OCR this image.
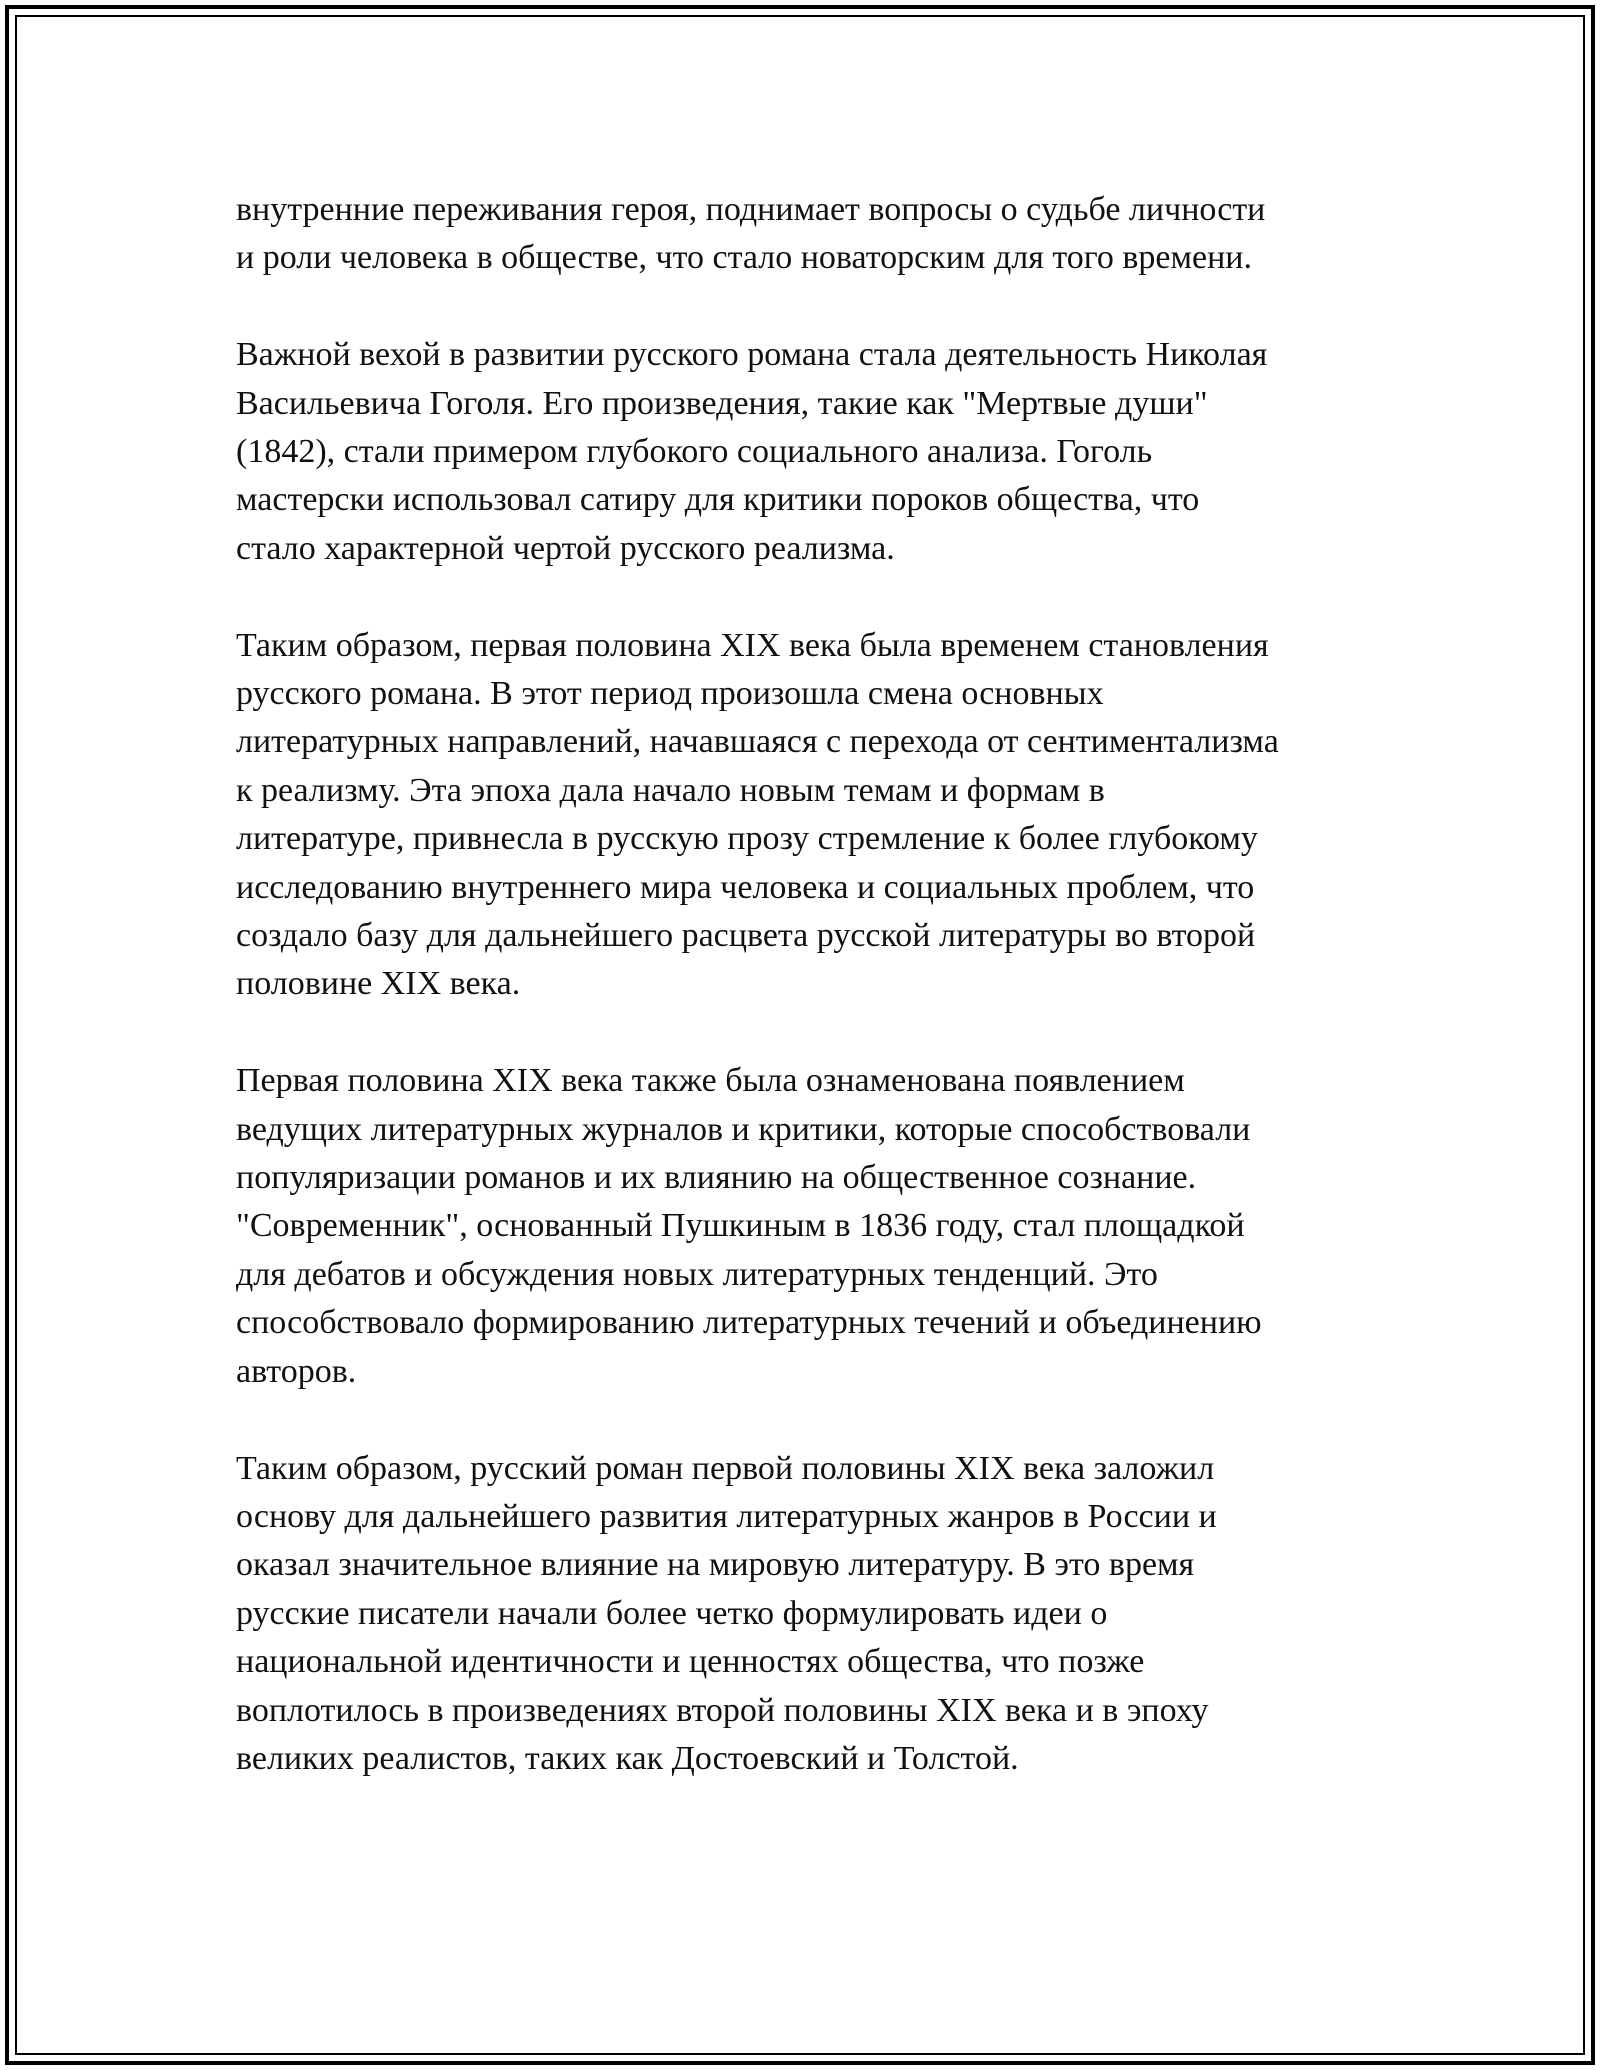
внутренние переживания героя, поднимает вопросы о судьбе личности
и роли человека в обществе, что стало новаторским для того времени.

Важной вехой в развитии русского романа стала деятельность Николая
Васильевича Гоголя. Его произведения, такие как "Мертвые души"
(1842), стали примером глубокого социального анализа. Гоголь
мастерски использовал сатиру для критики пороков общества, что
стало характерной чертой русского реализма.

Таким образом, первая половина XIX века была временем становления
русского романа. В этот период произошла смена основных
литературных направлений, начавшаяся с перехода от сентиментализма
к реализму. Эта эпоха дала начало новым темам и формам в
литературе, привнесла в русскую прозу стремление к более глубокому
исследованию внутреннего мира человека и социальных проблем, что
создало базу для дальнейшего расцвета русской литературы во второй
половине XIX века.

Первая половина XIX века также была ознаменована появлением
ведущих литературных журналов и критики, которые способствовали
популяризации романов и их влиянию на общественное сознание.
"Современник", основанный Пушкиным в 1836 году, стал площадкой
для дебатов и обсуждения новых литературных тенденций. Это
способствовало формированию литературных течений и объединению
авторов.

Таким образом, русский роман первой половины XIX века заложил
основу для дальнейшего развития литературных жанров в России и
оказал значительное влияние на мировую литературу. В это время
русские писатели начали более четко формулировать идеи о
национальной идентичности и ценностях общества, что позже
воплотилось в произведениях второй половины XIX века и в эпоху
великих реалистов, таких как Достоевский и Толстой.
